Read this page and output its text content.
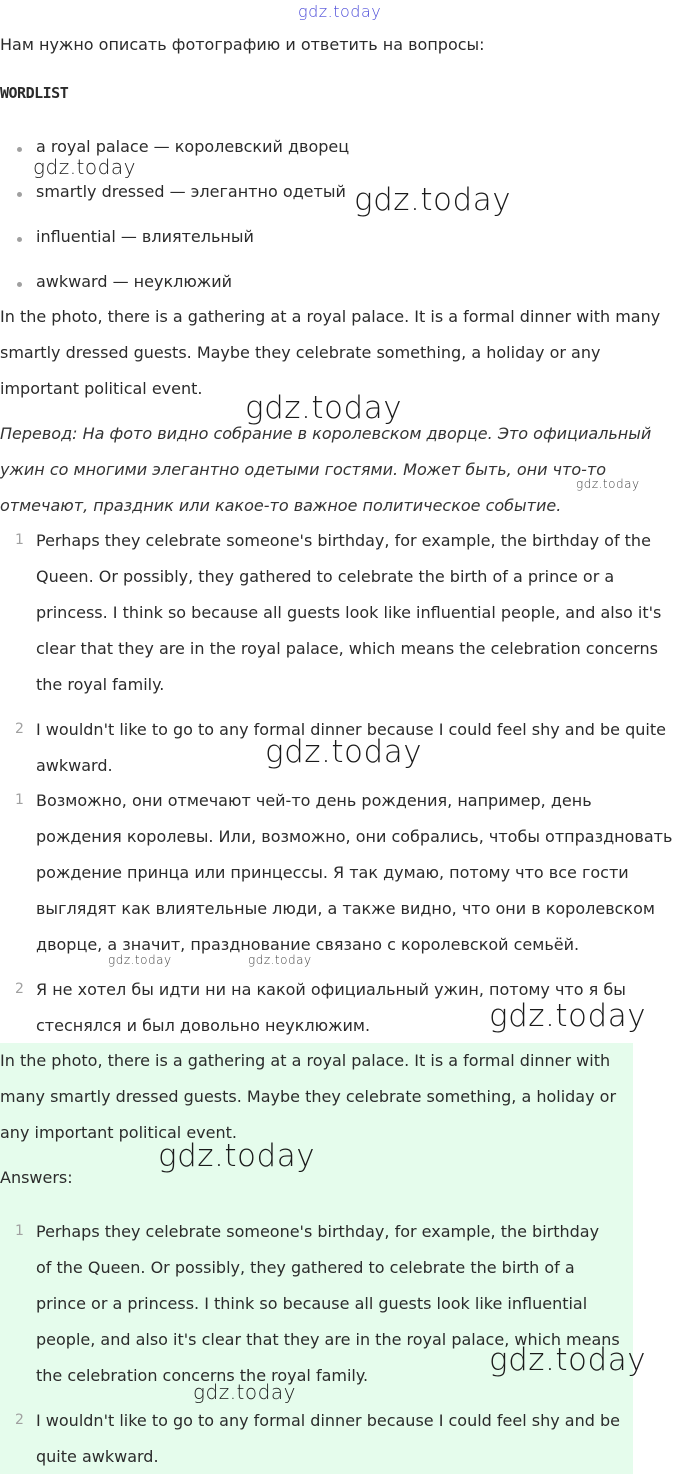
gdz.today
Нам нужно описать фотографию и ответить на вопросы:
WORDLIST
a royal palace — королевский дворец
smartly dressed — элегантно одетый
influential — влиятельный
awkward — неуклюжий
In the photo, there is a gathering at a royal palace. It is a formal dinner with many
smartly dressed guests. Maybe they celebrate something, a holiday or any
important political event.
Перевод: На фото видно собрание в королевском дворце. Это официальный
ужин со многими элегантно одетыми гостями. Может быть, они что-то
отмечают, праздник или какое-то важное политическое событие.
1 Perhaps they celebrate someone's birthday, for example, the birthday of the
Queen. Or possibly, they gathered to celebrate the birth of a prince or a
princess. I think so because all guests look like influential people, and also it's
clear that they are in the royal palace, which means the celebration concerns
the royal family.
2 I wouldn't like to go to any formal dinner because I could feel shy and be quite
awkward.
1 Возможно, они отмечают чей-то день рождения, например, день
рождения королевы. Или, возможно, они собрались, чтобы отпраздновать
рождение принца или принцессы. Я так думаю, потому что все гости
выглядят как влиятельные люди, а также видно, что они в королевском
дворце, а значит, празднование связано с королевской семьёй.
2 Я не хотел бы идти ни на какой официальный ужин, потому что я бы
стеснялся и был довольно неуклюжим.
In the photo, there is a gathering at a royal palace. It is a formal dinner with
many smartly dressed guests. Maybe they celebrate something, a holiday or
any important political event.
Answers:
1 Perhaps they celebrate someone's birthday, for example, the birthday
of the Queen. Or possibly, they gathered to celebrate the birth of a
prince or a princess. I think so because all guests look like influential
people, and also it's clear that they are in the royal palace, which means
the celebration concerns the royal family.
2 I wouldn't like to go to any formal dinner because I could feel shy and be
quite awkward.
gdz.today
gdz.today
gdz.today
gdz.today
gdz.today
gdz.today	gdz.today
gdz.today
gdz.today
gdz.today
gdz.today
